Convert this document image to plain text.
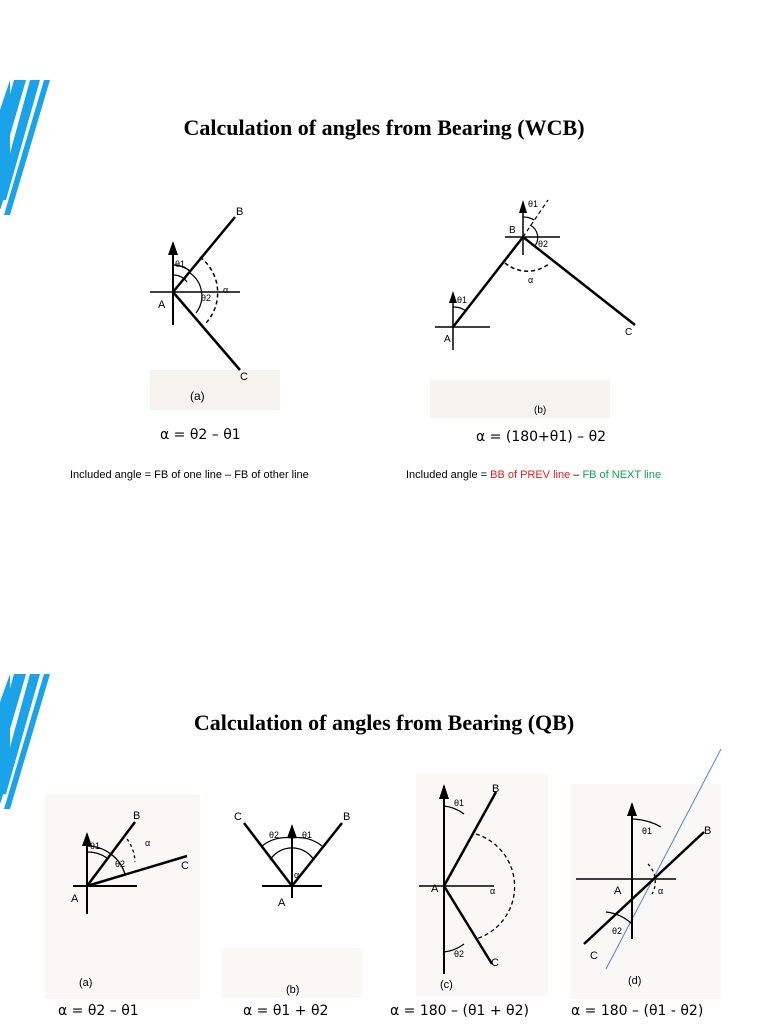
Calculation of angles from Bearing (WCB)
B
A
C
θ1
θ2
α
(a)
B
A
C
θ1
θ1
θ2
α
(b)
α = θ2 – θ1	α = (180+θ1) – θ2
Included angle = FB of one line – FB of other line	Included angle = BB of PREV line – FB of NEXT line
Calculation of angles from Bearing (QB)
B
A
C
θ1
θ2
α
(a)
C	B
A
θ2	θ1
α
(b)
B
A
C
θ1
θ2
α
(c)
B
A
C
θ1
θ2
α
(d)
α = θ2 – θ1	α = θ1 + θ2	α = 180 – (θ1 + θ2)	α = 180 – (θ1 - θ2)
